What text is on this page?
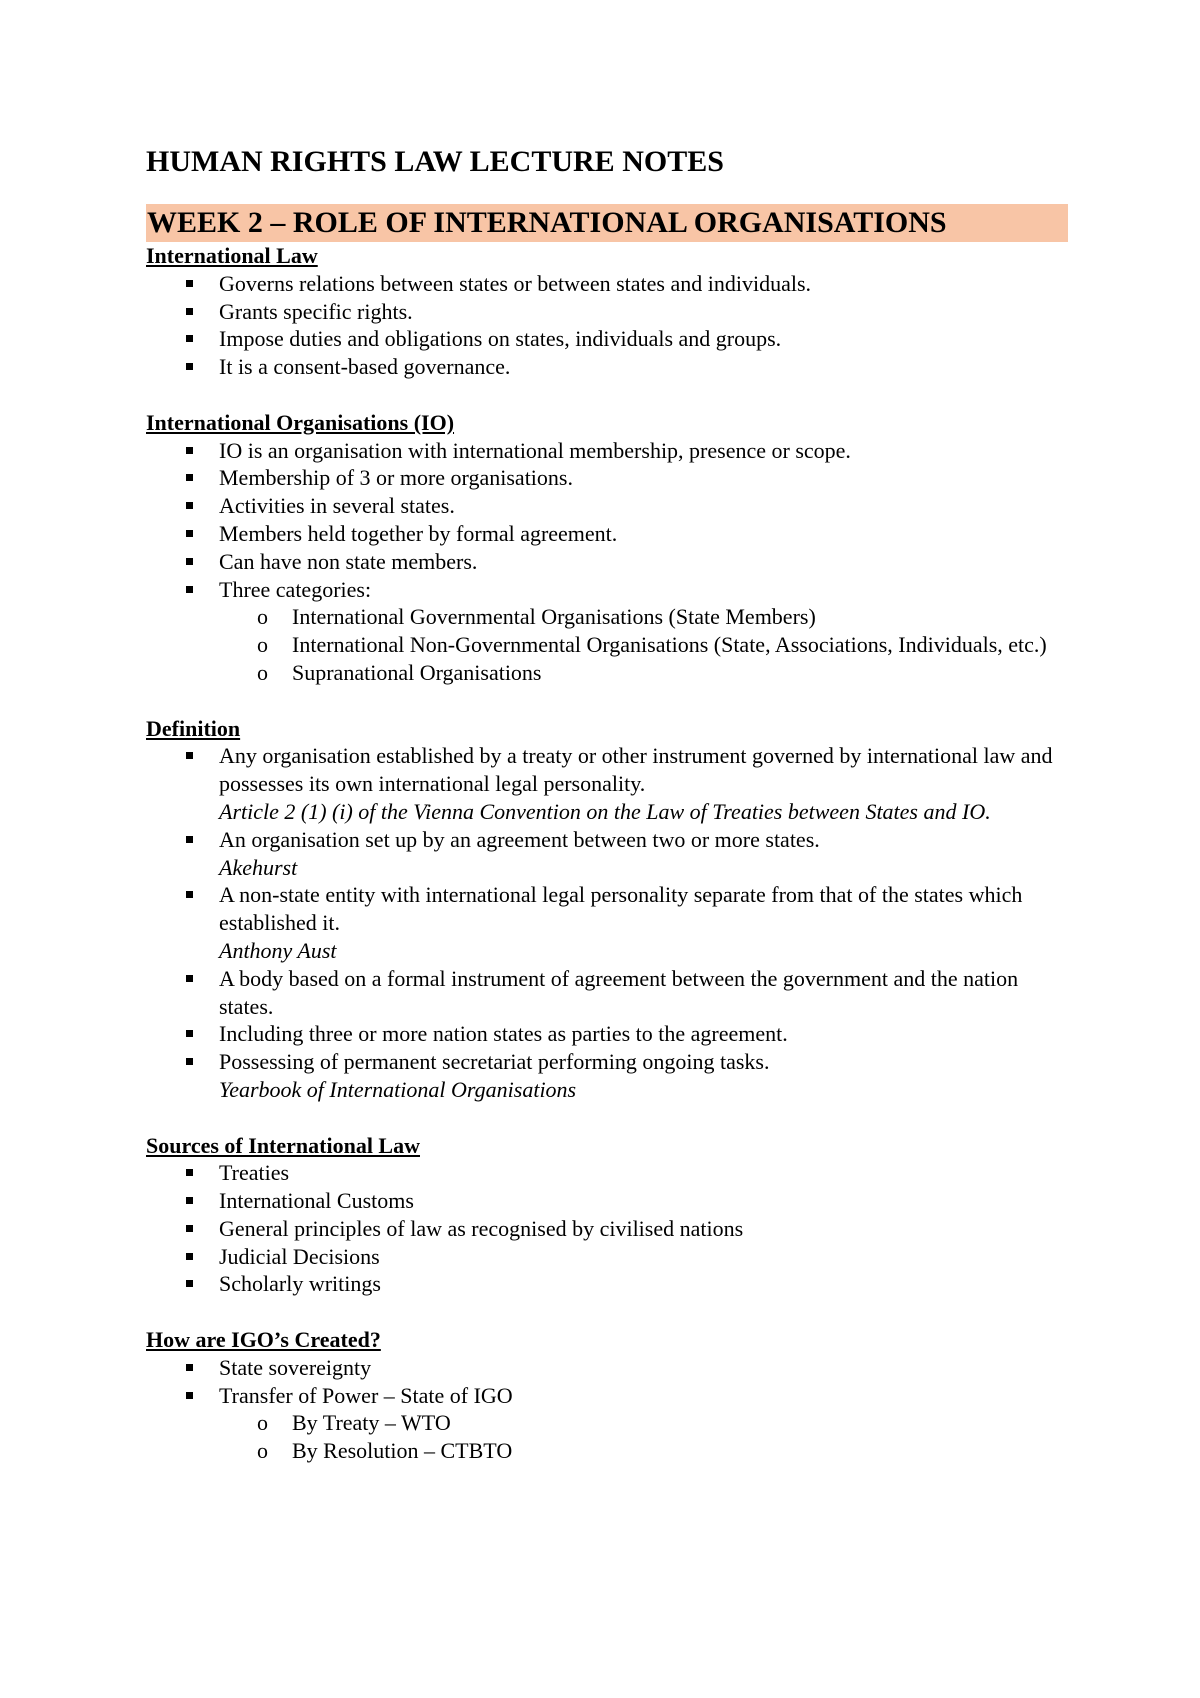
HUMAN RIGHTS LAW LECTURE NOTES
WEEK 2 – ROLE OF INTERNATIONAL ORGANISATIONS
International Law
Governs relations between states or between states and individuals.
Grants specific rights.
Impose duties and obligations on states, individuals and groups.
It is a consent-based governance.
International Organisations (IO)
IO is an organisation with international membership, presence or scope.
Membership of 3 or more organisations.
Activities in several states.
Members held together by formal agreement.
Can have non state members.
Three categories:
o International Governmental Organisations (State Members)
o International Non-Governmental Organisations (State, Associations, Individuals, etc.)
o Supranational Organisations
Definition
Any organisation established by a treaty or other instrument governed by international law and possesses its own international legal personality.
Article 2 (1) (i) of the Vienna Convention on the Law of Treaties between States and IO.
An organisation set up by an agreement between two or more states.
Akehurst
A non-state entity with international legal personality separate from that of the states which established it.
Anthony Aust
A body based on a formal instrument of agreement between the government and the nation states.
Including three or more nation states as parties to the agreement.
Possessing of permanent secretariat performing ongoing tasks.
Yearbook of International Organisations
Sources of International Law
Treaties
International Customs
General principles of law as recognised by civilised nations
Judicial Decisions
Scholarly writings
How are IGO’s Created?
State sovereignty
Transfer of Power – State of IGO
o By Treaty – WTO
o By Resolution – CTBTO
